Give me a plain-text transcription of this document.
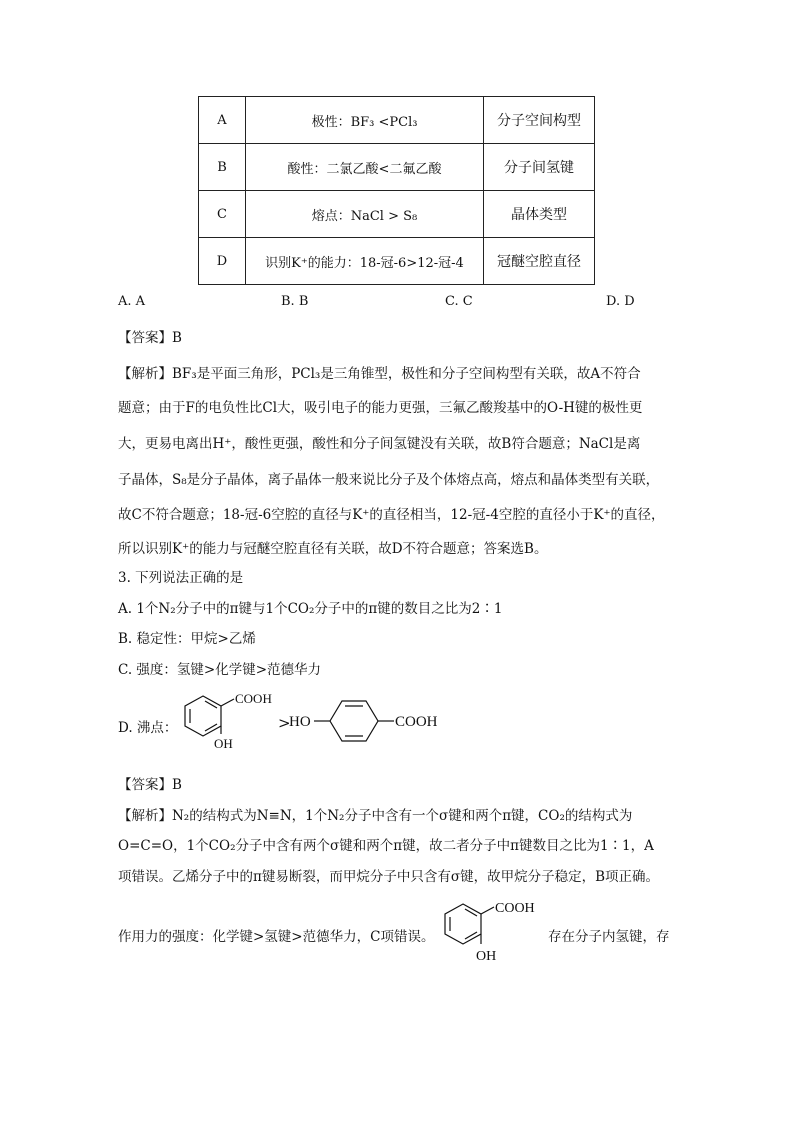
A	极性：BF₃ <PCl₃	分子空间构型
B	酸性：二氯乙酸<二氟乙酸	分子间氢键
C	熔点：NaCl > S₈	晶体类型
D	识别K⁺的能力：18-冠-6>12-冠-4	冠醚空腔直径
A. A	B. B	C. C	D. D
【答案】B
【解析】BF₃是平面三角形，PCl₃是三角锥型，极性和分子空间构型有关联，故A不符合
题意；由于F的电负性比Cl大，吸引电子的能力更强，三氟乙酸羧基中的O-H键的极性更
大，更易电离出H⁺，酸性更强，酸性和分子间氢键没有关联，故B符合题意；NaCl是离
子晶体，S₈是分子晶体，离子晶体一般来说比分子及个体熔点高，熔点和晶体类型有关联，
故C不符合题意；18-冠-6空腔的直径与K⁺的直径相当，12-冠-4空腔的直径小于K⁺的直径，
所以识别K⁺的能力与冠醚空腔直径有关联，故D不符合题意；答案选B。
3. 下列说法正确的是
A. 1个N₂分子中的π键与1个CO₂分子中的π键的数目之比为2∶1
B. 稳定性：甲烷>乙烯
C. 强度：氢键>化学键>范德华力
D. 沸点：
COOH
OH
>
HO	COOH
【答案】B
【解析】N₂的结构式为N≡N，1个N₂分子中含有一个σ键和两个π键，CO₂的结构式为
O=C=O，1个CO₂分子中含有两个σ键和两个π键，故二者分子中π键数目之比为1∶1，A
项错误。乙烯分子中的π键易断裂，而甲烷分子中只含有σ键，故甲烷分子稳定，B项正确。
作用力的强度：化学键>氢键>范德华力，C项错误。
COOH
OH
存在分子内氢键，存
